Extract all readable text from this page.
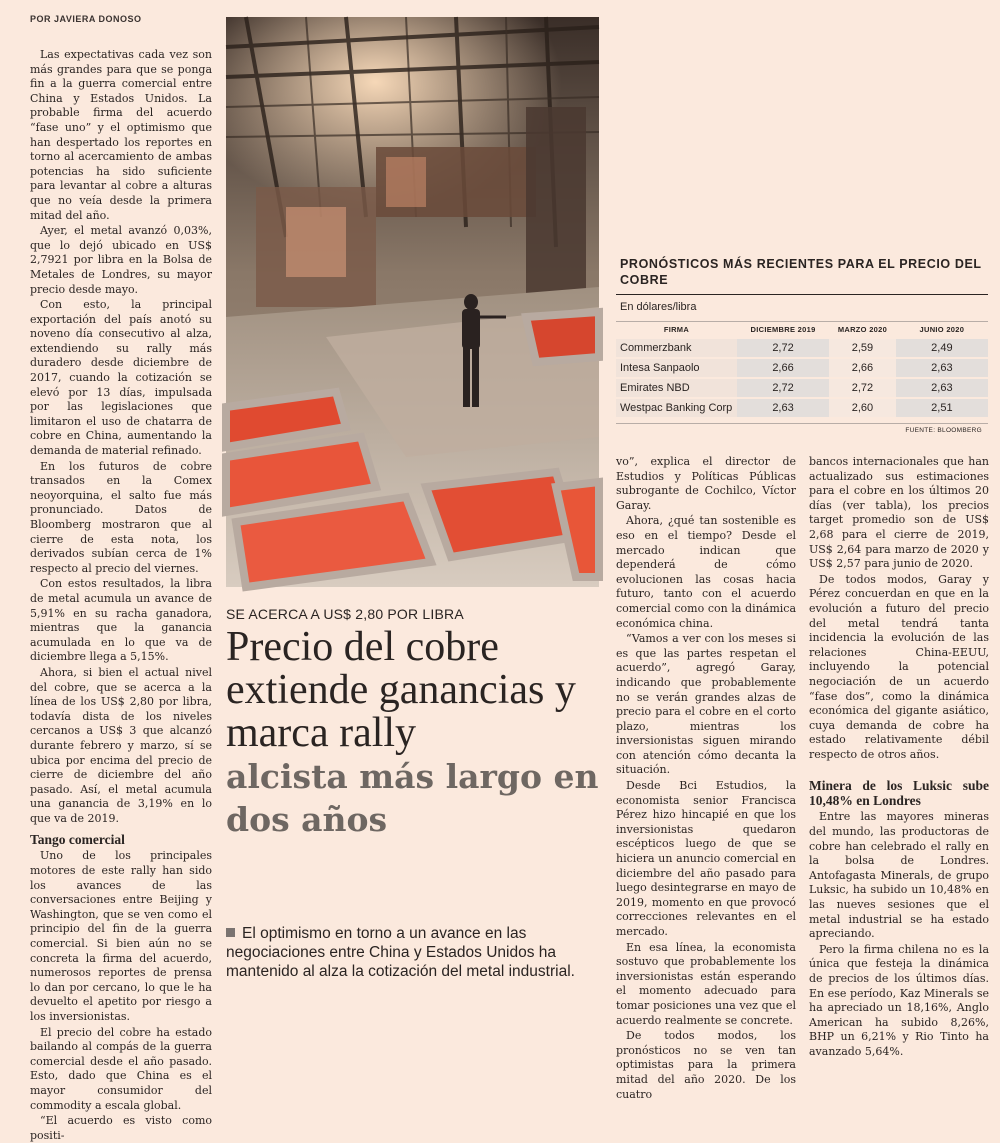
POR JAVIERA DONOSO

Las expectativas cada vez son más grandes para que se ponga fin a la guerra comercial entre China y Estados Unidos. La probable firma del acuerdo “fase uno” y el optimismo que han despertado los reportes en torno al acercamiento de ambas potencias ha sido suficiente para levantar al cobre a alturas que no veía desde la primera mitad del año.

Ayer, el metal avanzó 0,03%, que lo dejó ubicado en US$ 2,7921 por libra en la Bolsa de Metales de Londres, su mayor precio desde mayo.

Con esto, la principal exportación del país anotó su noveno día consecutivo al alza, extendiendo su rally más duradero desde diciembre de 2017, cuando la cotización se elevó por 13 días, impulsada por las legislaciones que limitaron el uso de chatarra de cobre en China, aumentando la demanda de material refinado.

En los futuros de cobre transados en la Comex neoyorquina, el salto fue más pronunciado. Datos de Bloomberg mostraron que al cierre de esta nota, los derivados subían cerca de 1% respecto al precio del viernes.

Con estos resultados, la libra de metal acumula un avance de 5,91% en su racha ganadora, mientras que la ganancia acumulada en lo que va de diciembre llega a 5,15%.

Ahora, si bien el actual nivel del cobre, que se acerca a la línea de los US$ 2,80 por libra, todavía dista de los niveles cercanos a US$ 3 que alcanzó durante febrero y marzo, sí se ubica por encima del precio de cierre de diciembre del año pasado. Así, el metal acumula una ganancia de 3,19% en lo que va de 2019.

Tango comercial

Uno de los principales motores de este rally han sido los avances de las conversaciones entre Beijing y Washington, que se ven como el principio del fin de la guerra comercial. Si bien aún no se concreta la firma del acuerdo, numerosos reportes de prensa lo dan por cercano, lo que le ha devuelto el apetito por riesgo a los inversionistas.

El precio del cobre ha estado bailando al compás de la guerra comercial desde el año pasado. Esto, dado que China es el mayor consumidor del commodity a escala global.

“El acuerdo es visto como positi-

SE ACERCA A US$ 2,80 POR LIBRA
Precio del cobre extiende ganancias y marca rally
alcista más largo en dos años
El optimismo en torno a un avance en las negociaciones entre China y Estados Unidos ha mantenido al alza la cotización del metal industrial.
PRONÓSTICOS MÁS RECIENTES PARA EL PRECIO DEL COBRE
En dólares/libra
FIRMA	DICIEMBRE 2019	MARZO 2020	JUNIO 2020
Commerzbank	2,72	2,59	2,49
Intesa Sanpaolo	2,66	2,66	2,63
Emirates NBD	2,72	2,72	2,63
Westpac Banking Corp	2,63	2,60	2,51
FUENTE: BLOOMBERG

vo”, explica el director de Estudios y Políticas Públicas subrogante de Cochilco, Víctor Garay.

Ahora, ¿qué tan sostenible es eso en el tiempo? Desde el mercado indican que dependerá de cómo evolucionen las cosas hacia futuro, tanto con el acuerdo comercial como con la dinámica económica china.

“Vamos a ver con los meses si es que las partes respetan el acuerdo”, agregó Garay, indicando que probablemente no se verán grandes alzas de precio para el cobre en el corto plazo, mientras los inversionistas siguen mirando con atención cómo decanta la situación.

Desde Bci Estudios, la economista senior Francisca Pérez hizo hincapié en que los inversionistas quedaron escépticos luego de que se hiciera un anuncio comercial en diciembre del año pasado para luego desintegrarse en mayo de 2019, momento en que provocó correcciones relevantes en el mercado.

En esa línea, la economista sostuvo que probablemente los inversionistas están esperando el momento adecuado para tomar posiciones una vez que el acuerdo realmente se concrete.

De todos modos, los pronósticos no se ven tan optimistas para la primera mitad del año 2020. De los cuatro

bancos internacionales que han actualizado sus estimaciones para el cobre en los últimos 20 días (ver tabla), los precios target promedio son de US$ 2,68 para el cierre de 2019, US$ 2,64 para marzo de 2020 y US$ 2,57 para junio de 2020.

De todos modos, Garay y Pérez concuerdan en que en la evolución a futuro del precio del metal tendrá tanta incidencia la evolución de las relaciones China-EEUU, incluyendo la potencial negociación de un acuerdo “fase dos”, como la dinámica económica del gigante asiático, cuya demanda de cobre ha estado relativamente débil respecto de otros años.

Minera de los Luksic sube 10,48% en Londres

Entre las mayores mineras del mundo, las productoras de cobre han celebrado el rally en la bolsa de Londres. Antofagasta Minerals, de grupo Luksic, ha subido un 10,48% en las nueves sesiones que el metal industrial se ha estado apreciando.

Pero la firma chilena no es la única que festeja la dinámica de precios de los últimos días. En ese período, Kaz Minerals se ha apreciado un 18,16%, Anglo American ha subido 8,26%, BHP un 6,21% y Rio Tinto ha avanzado 5,64%.
